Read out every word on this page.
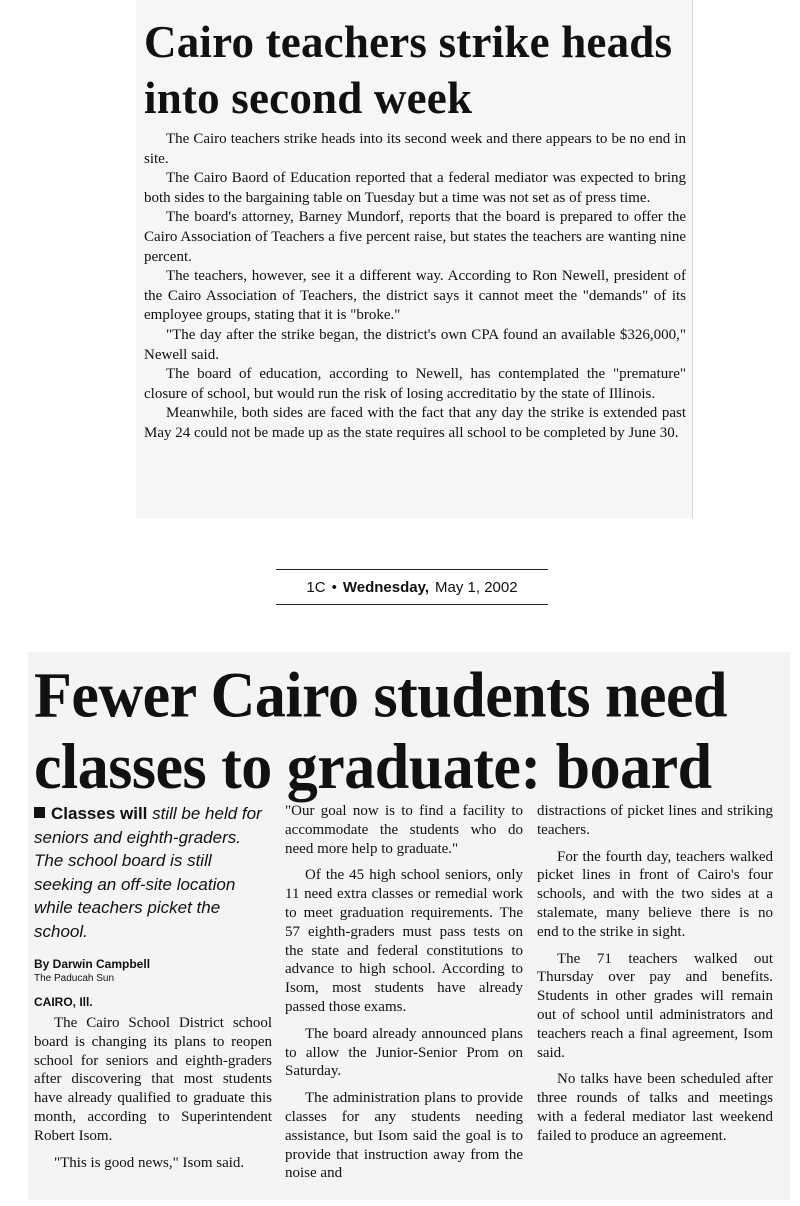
Cairo teachers strike heads into second week

The Cairo teachers strike heads into its second week and there appears to be no end in site.

The Cairo Baord of Education reported that a federal mediator was expected to bring both sides to the bargaining table on Tuesday but a time was not set as of press time.

The board's attorney, Barney Mundorf, reports that the board is prepared to offer the Cairo Association of Teachers a five percent raise, but states the teachers are wanting nine percent.

The teachers, however, see it a different way. According to Ron Newell, president of the Cairo Association of Teachers, the district says it cannot meet the "demands" of its employee groups, stating that it is "broke."

"The day after the strike began, the district's own CPA found an available $326,000," Newell said.

The board of education, according to Newell, has contemplated the "premature" closure of school, but would run the risk of losing accreditatio by the state of Illinois.

Meanwhile, both sides are faced with the fact that any day the strike is extended past May 24 could not be made up as the state requires all school to be completed by June 30.

1C • Wednesday, May 1, 2002
Fewer Cairo students need classes to graduate: board
Classes will still be held for seniors and eighth-graders. The school board is still seeking an off-site location while teachers picket the school.
By Darwin Campbell
The Paducah Sun
CAIRO, Ill.

The Cairo School District school board is changing its plans to reopen school for seniors and eighth-graders after discovering that most students have already qualified to graduate this month, according to Superintendent Robert Isom.

"This is good news," Isom said.

"Our goal now is to find a facility to accommodate the students who do need more help to graduate."

Of the 45 high school seniors, only 11 need extra classes or remedial work to meet graduation requirements. The 57 eighth-graders must pass tests on the state and federal constitutions to advance to high school. According to Isom, most students have already passed those exams.

The board already announced plans to allow the Junior-Senior Prom on Saturday.

The administration plans to provide classes for any students needing assistance, but Isom said the goal is to provide that instruction away from the noise and

distractions of picket lines and striking teachers.

For the fourth day, teachers walked picket lines in front of Cairo's four schools, and with the two sides at a stalemate, many believe there is no end to the strike in sight.

The 71 teachers walked out Thursday over pay and benefits. Students in other grades will remain out of school until administrators and teachers reach a final agreement, Isom said.

No talks have been scheduled after three rounds of talks and meetings with a federal mediator last weekend failed to produce an agreement.
